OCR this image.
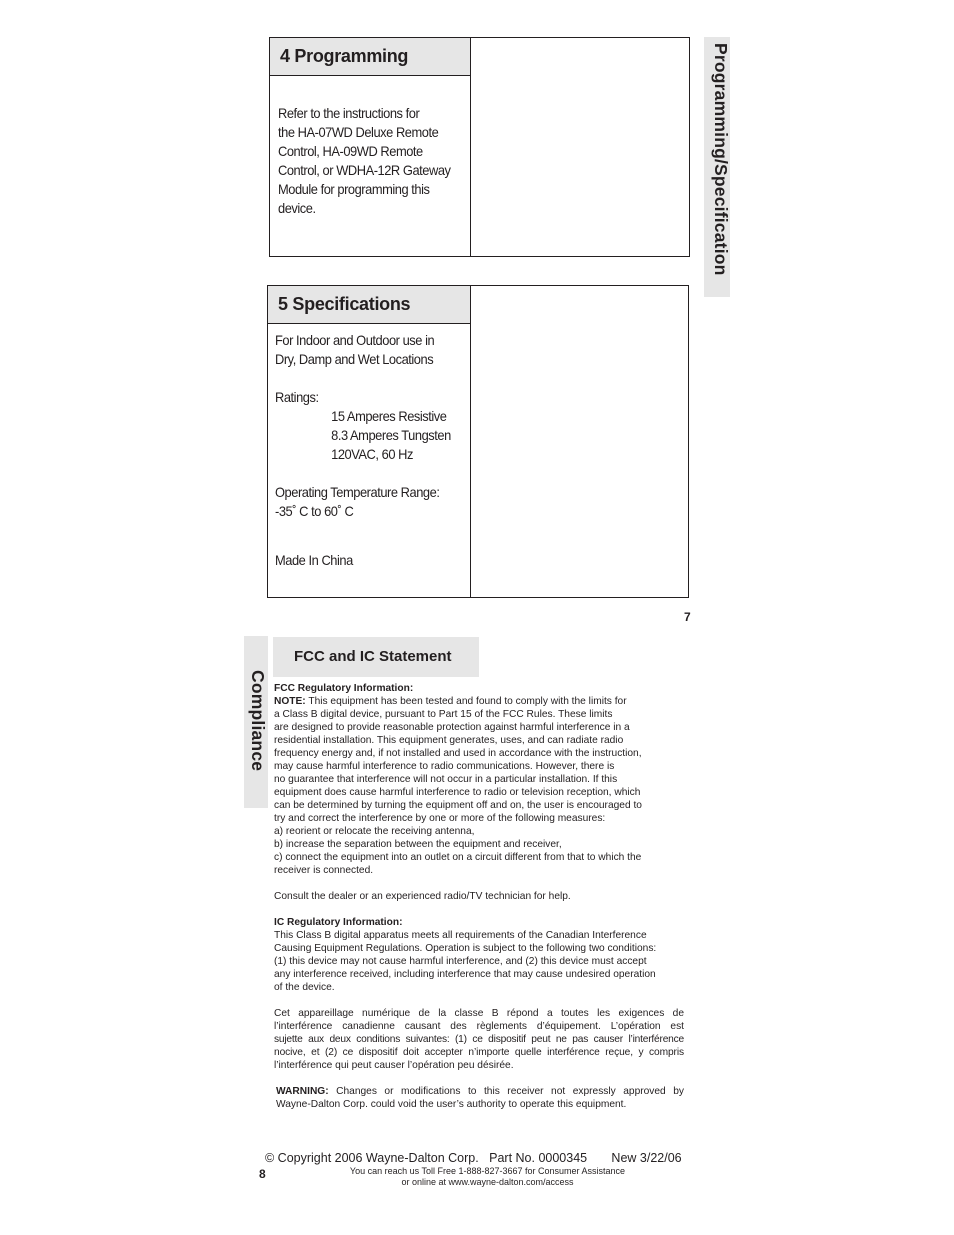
4 Programming
Refer to the instructions for
the HA-07WD Deluxe Remote
Control, HA-09WD Remote
Control, or WDHA-12R Gateway
Module for programming this
device.
5 Specifications
For Indoor and Outdoor use in
Dry, Damp and Wet Locations
Ratings:
15 Amperes Resistive
8.3 Amperes Tungsten
120VAC, 60 Hz
Operating Temperature Range:
-35˚ C to 60˚ C
Made In China
Programming/Specification
7
Compliance
FCC and IC Statement

FCC Regulatory Information:

NOTE: This equipment has been tested and found to comply with the limits for

a Class B digital device, pursuant to Part 15 of the FCC Rules. These limits

are designed to provide reasonable protection against harmful interference in a

residential installation. This equipment generates, uses, and can radiate radio

frequency energy and, if not installed and used in accordance with the instruction,

may cause harmful interference to radio communications. However, there is

no guarantee that interference will not occur in a particular installation. If this

equipment does cause harmful interference to radio or television reception, which

can be determined by turning the equipment off and on, the user is encouraged to

try and correct the interference by one or more of the following measures:

a) reorient or relocate the receiving antenna,

b) increase the separation between the equipment and receiver,

c) connect the equipment into an outlet on a circuit different from that to which the

receiver is connected.

Consult the dealer or an experienced radio/TV technician for help.

IC Regulatory Information:

This Class B digital apparatus meets all requirements of the Canadian Interference

Causing Equipment Regulations. Operation is subject to the following two conditions:

(1) this device may not cause harmful interference, and (2) this device must accept

any interference received, including interference that may cause undesired operation

of the device.

Cet appareillage numérique de la classe B répond a toutes les exigences de

l’interférence canadienne causant des règlements d’équipement. L’opération est

sujette aux deux conditions suivantes: (1) ce dispositif peut ne pas causer l’interférence

nocive, et (2) ce dispositif doit accepter n’importe quelle interférence reçue, y compris

l’interférence qui peut causer l’opération peu désirée.

WARNING: Changes or modifications to this receiver not expressly approved by

Wayne-Dalton Corp. could void the user’s authority to operate this equipment.

© Copyright 2006 Wayne-Dalton Corp.   Part No. 0000345       New 3/22/06
8	You can reach us Toll Free 1-888-827-3667 for Consumer Assistance
or online at www.wayne-dalton.com/access
